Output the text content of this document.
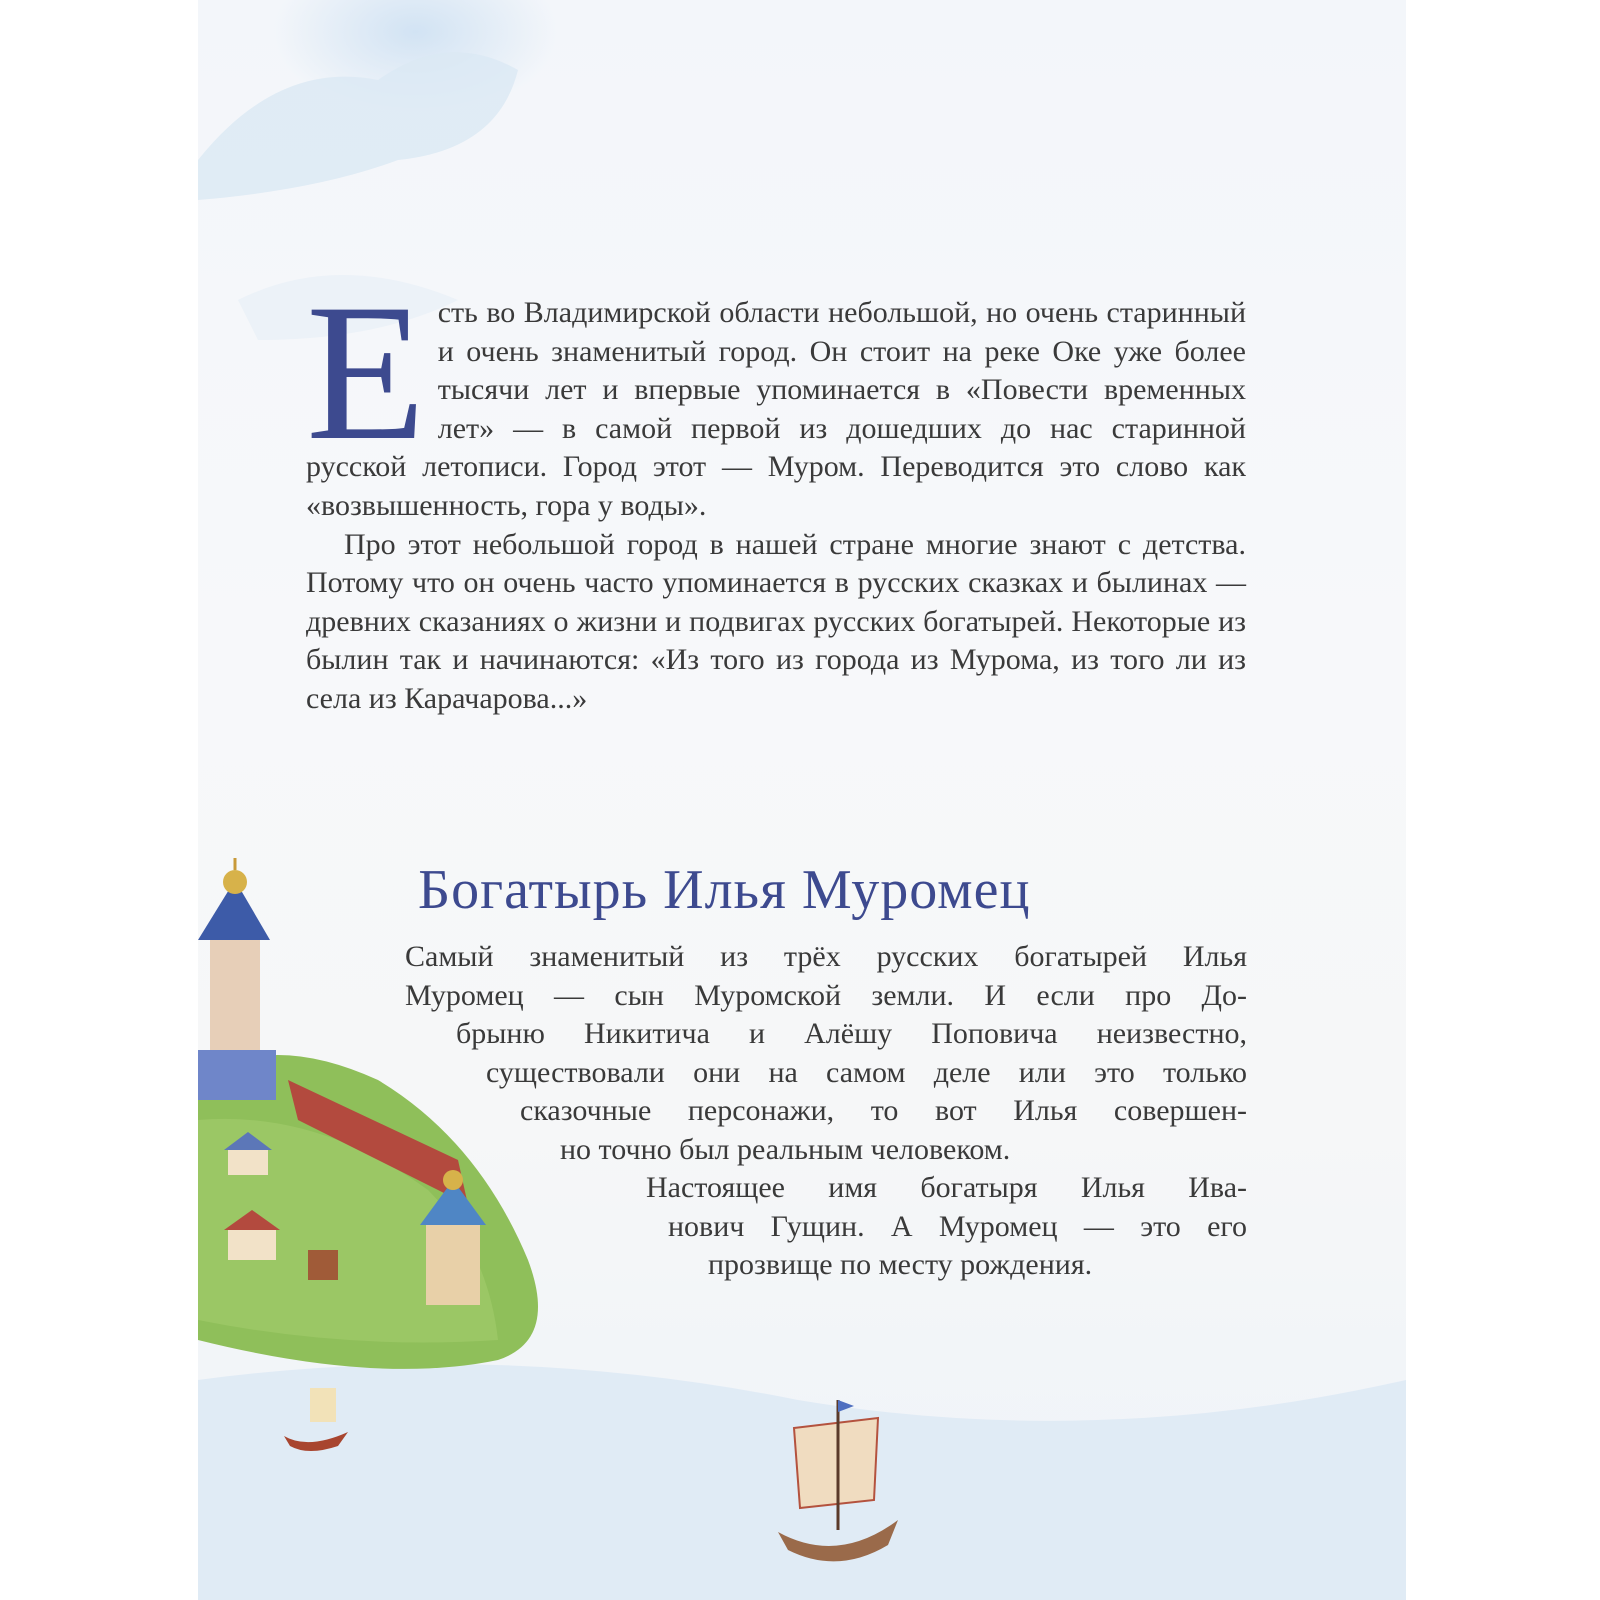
Е сть во Владимирской области небольшой, но очень старинный и очень знаменитый город. Он стоит на реке Оке уже более тысячи лет и впервые упоминается в «Повести временных лет» — в самой первой из дошедших до нас старинной русской летописи. Город этот — Муром. Переводится это слово как «возвышенность, гора у воды».

Про этот небольшой город в нашей стране многие знают с детства. Потому что он очень часто упоминается в русских сказках и былинах — древних сказаниях о жизни и подвигах русских богатырей. Некоторые из былин так и начинаются: «Из того из города из Мурома, из того ли из села из Карачарова...»

Богатырь Илья Муромец
Самый знаменитый из трёх русских богатырей Илья
Муромец — сын Муромской земли. И если про До-
брыню Никитича и Алёшу Поповича неизвестно,
существовали они на самом деле или это только
сказочные персонажи, то вот Илья совершен-
но точно был реальным человеком.
Настоящее имя богатыря Илья Ива-
нович Гущин. А Муромец — это его
прозвище по месту рождения.
